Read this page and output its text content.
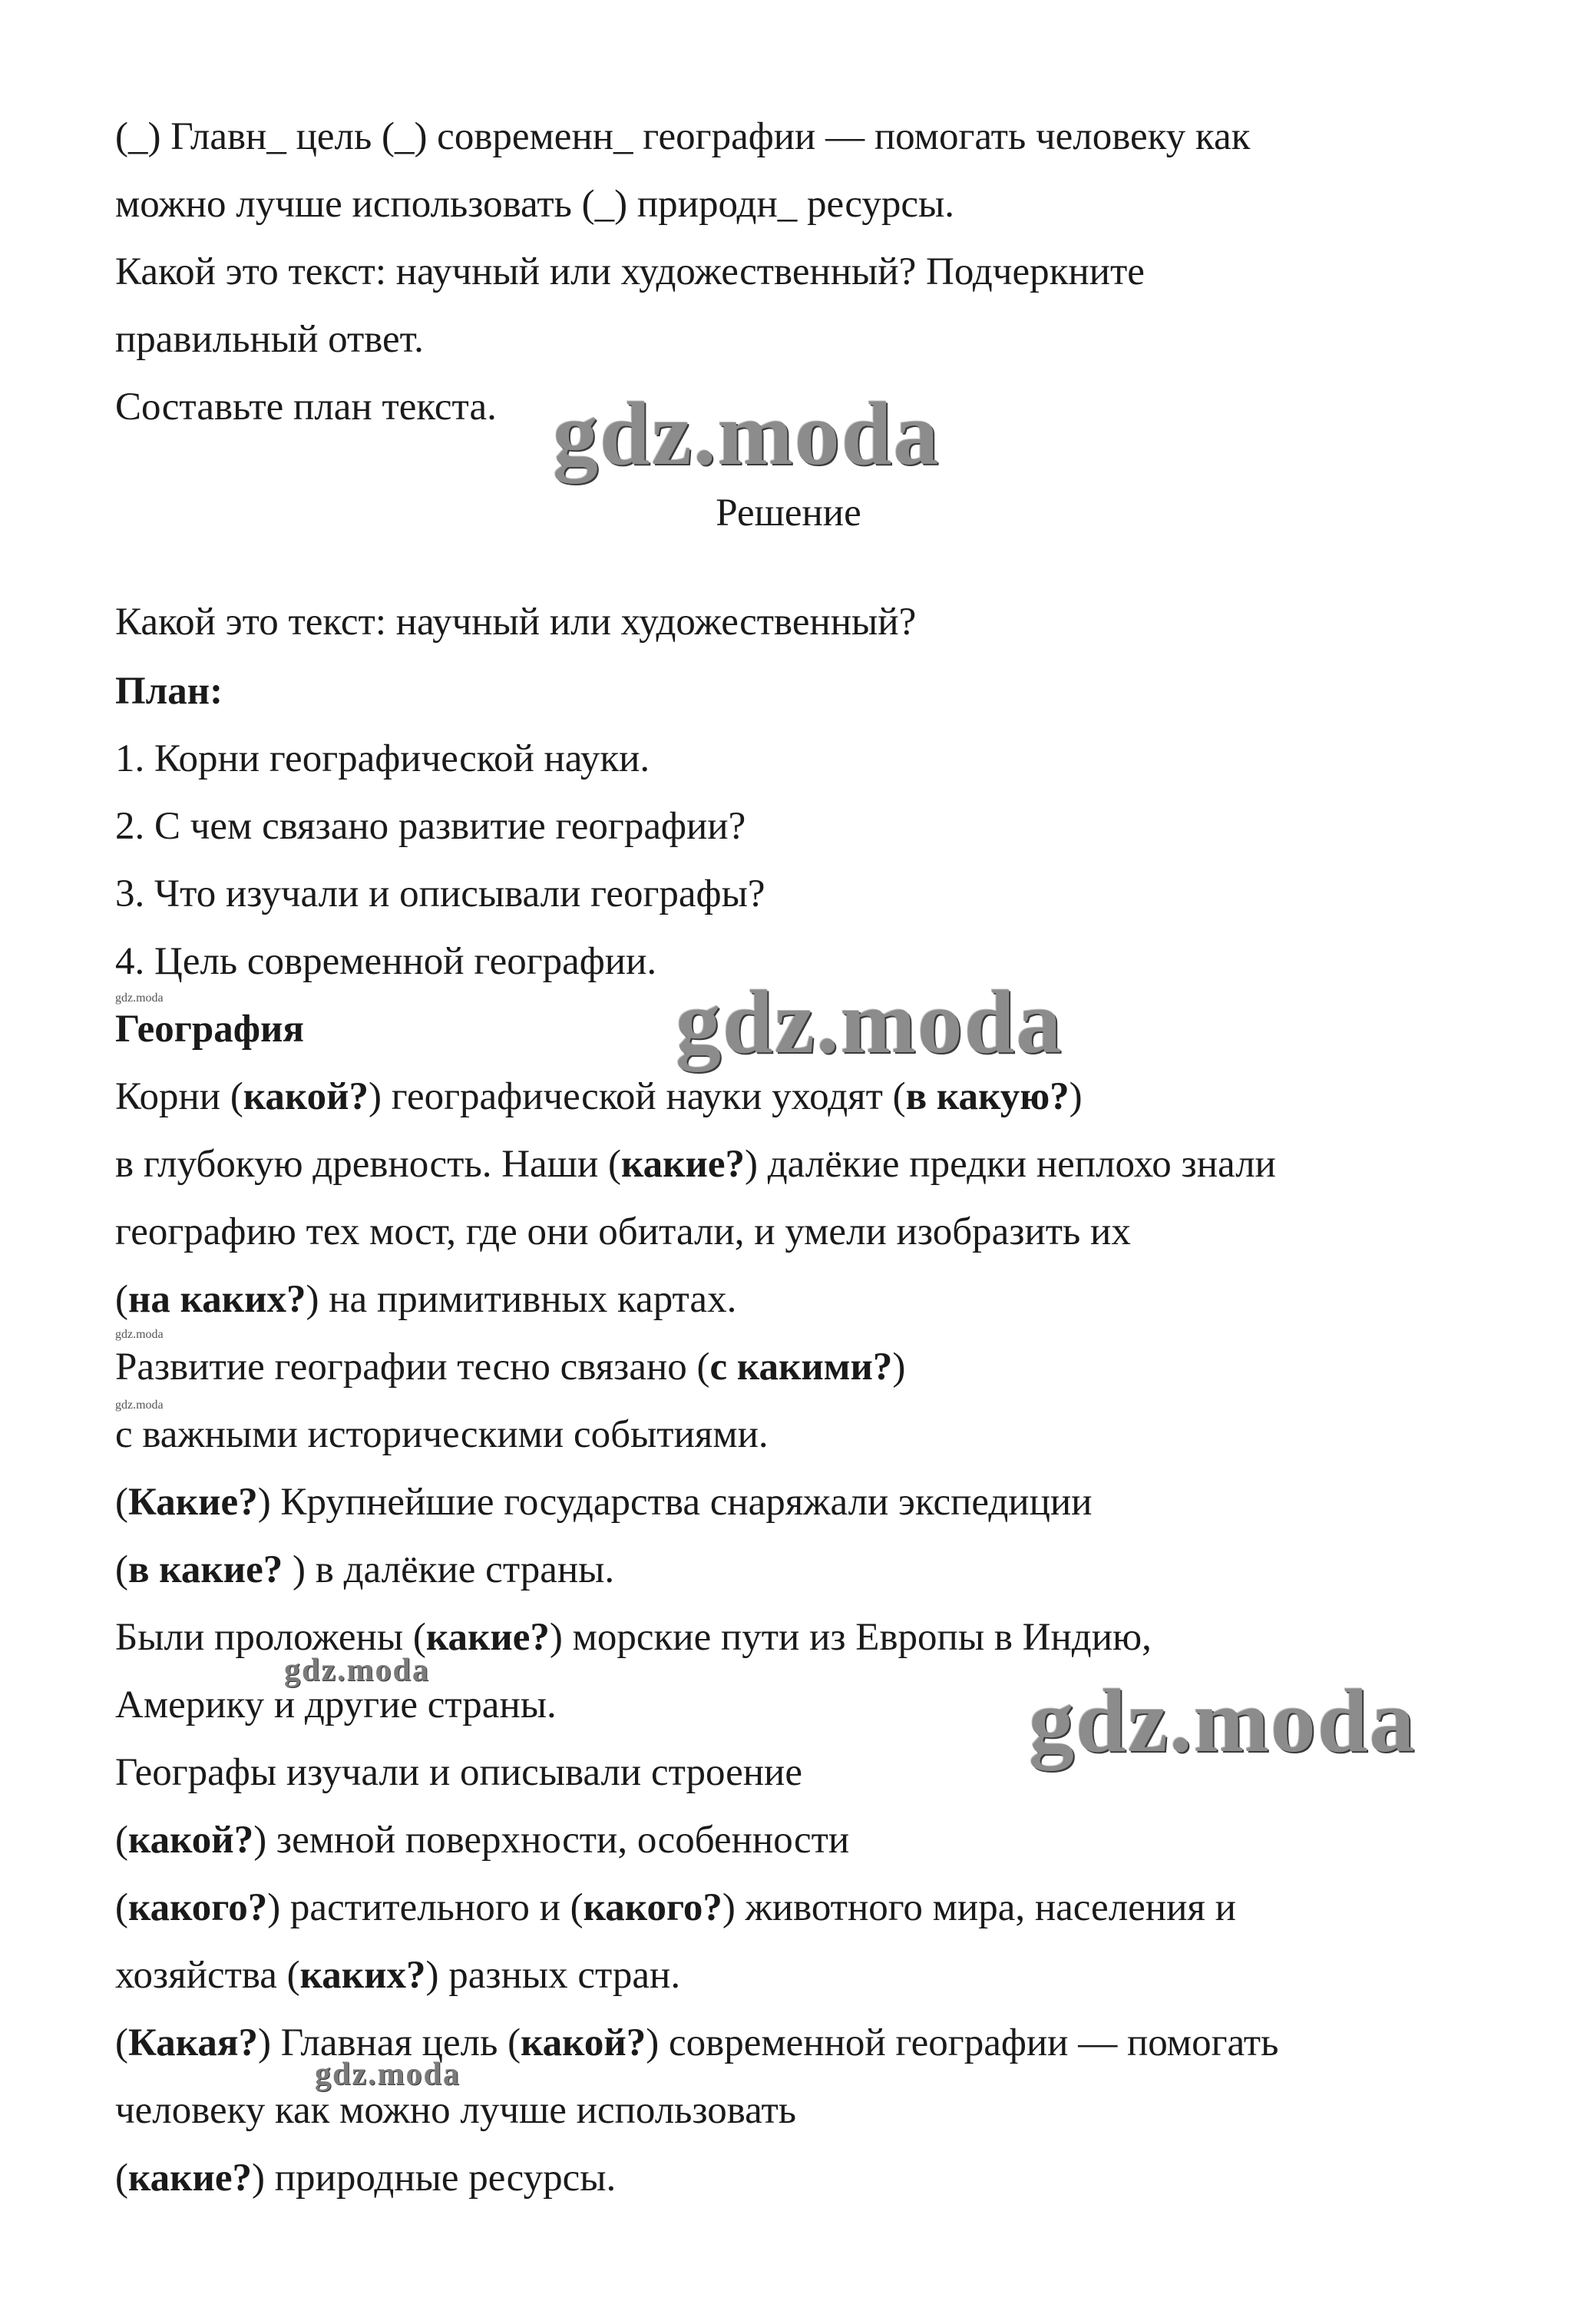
(_) Главн_ цель (_) современн_ географии — помогать человеку как

можно лучше использовать (_) природн_ ресурсы.

Какой это текст: научный или художественный? Подчеркните

правильный ответ.

Составьте план текста.

Решение

Какой это текст: научный или художественный?

План:

1. Корни географической науки.

2. С чем связано развитие географии?

3. Что изучали и описывали географы?

4. Цель современной географии.

География

Корни (какой?) географической науки уходят (в какую?)

в глубокую древность. Наши (какие?) далёкие предки неплохо знали

географию тех мост, где они обитали, и умели изобразить их

(на каких?) на примитивных картах.

Развитие географии тесно связано (с какими?)

с важными историческими событиями.

(Какие?) Крупнейшие государства снаряжали экспедиции

(в какие? ) в далёкие страны.

Были проложены (какие?) морские пути из Европы в Индию,

Америку и другие страны.

Географы изучали и описывали строение

(какой?) земной поверхности, особенности

(какого?) растительного и (какого?) животного мира, населения и

хозяйства (каких?) разных стран.

(Какая?) Главная цель (какой?) современной географии — помогать

человеку как можно лучше использовать

(какие?) природные ресурсы.

gdz.moda
gdz.moda
gdz.moda
gdz.moda
gdz.moda
gdz.moda
gdz.moda
gdz.moda
